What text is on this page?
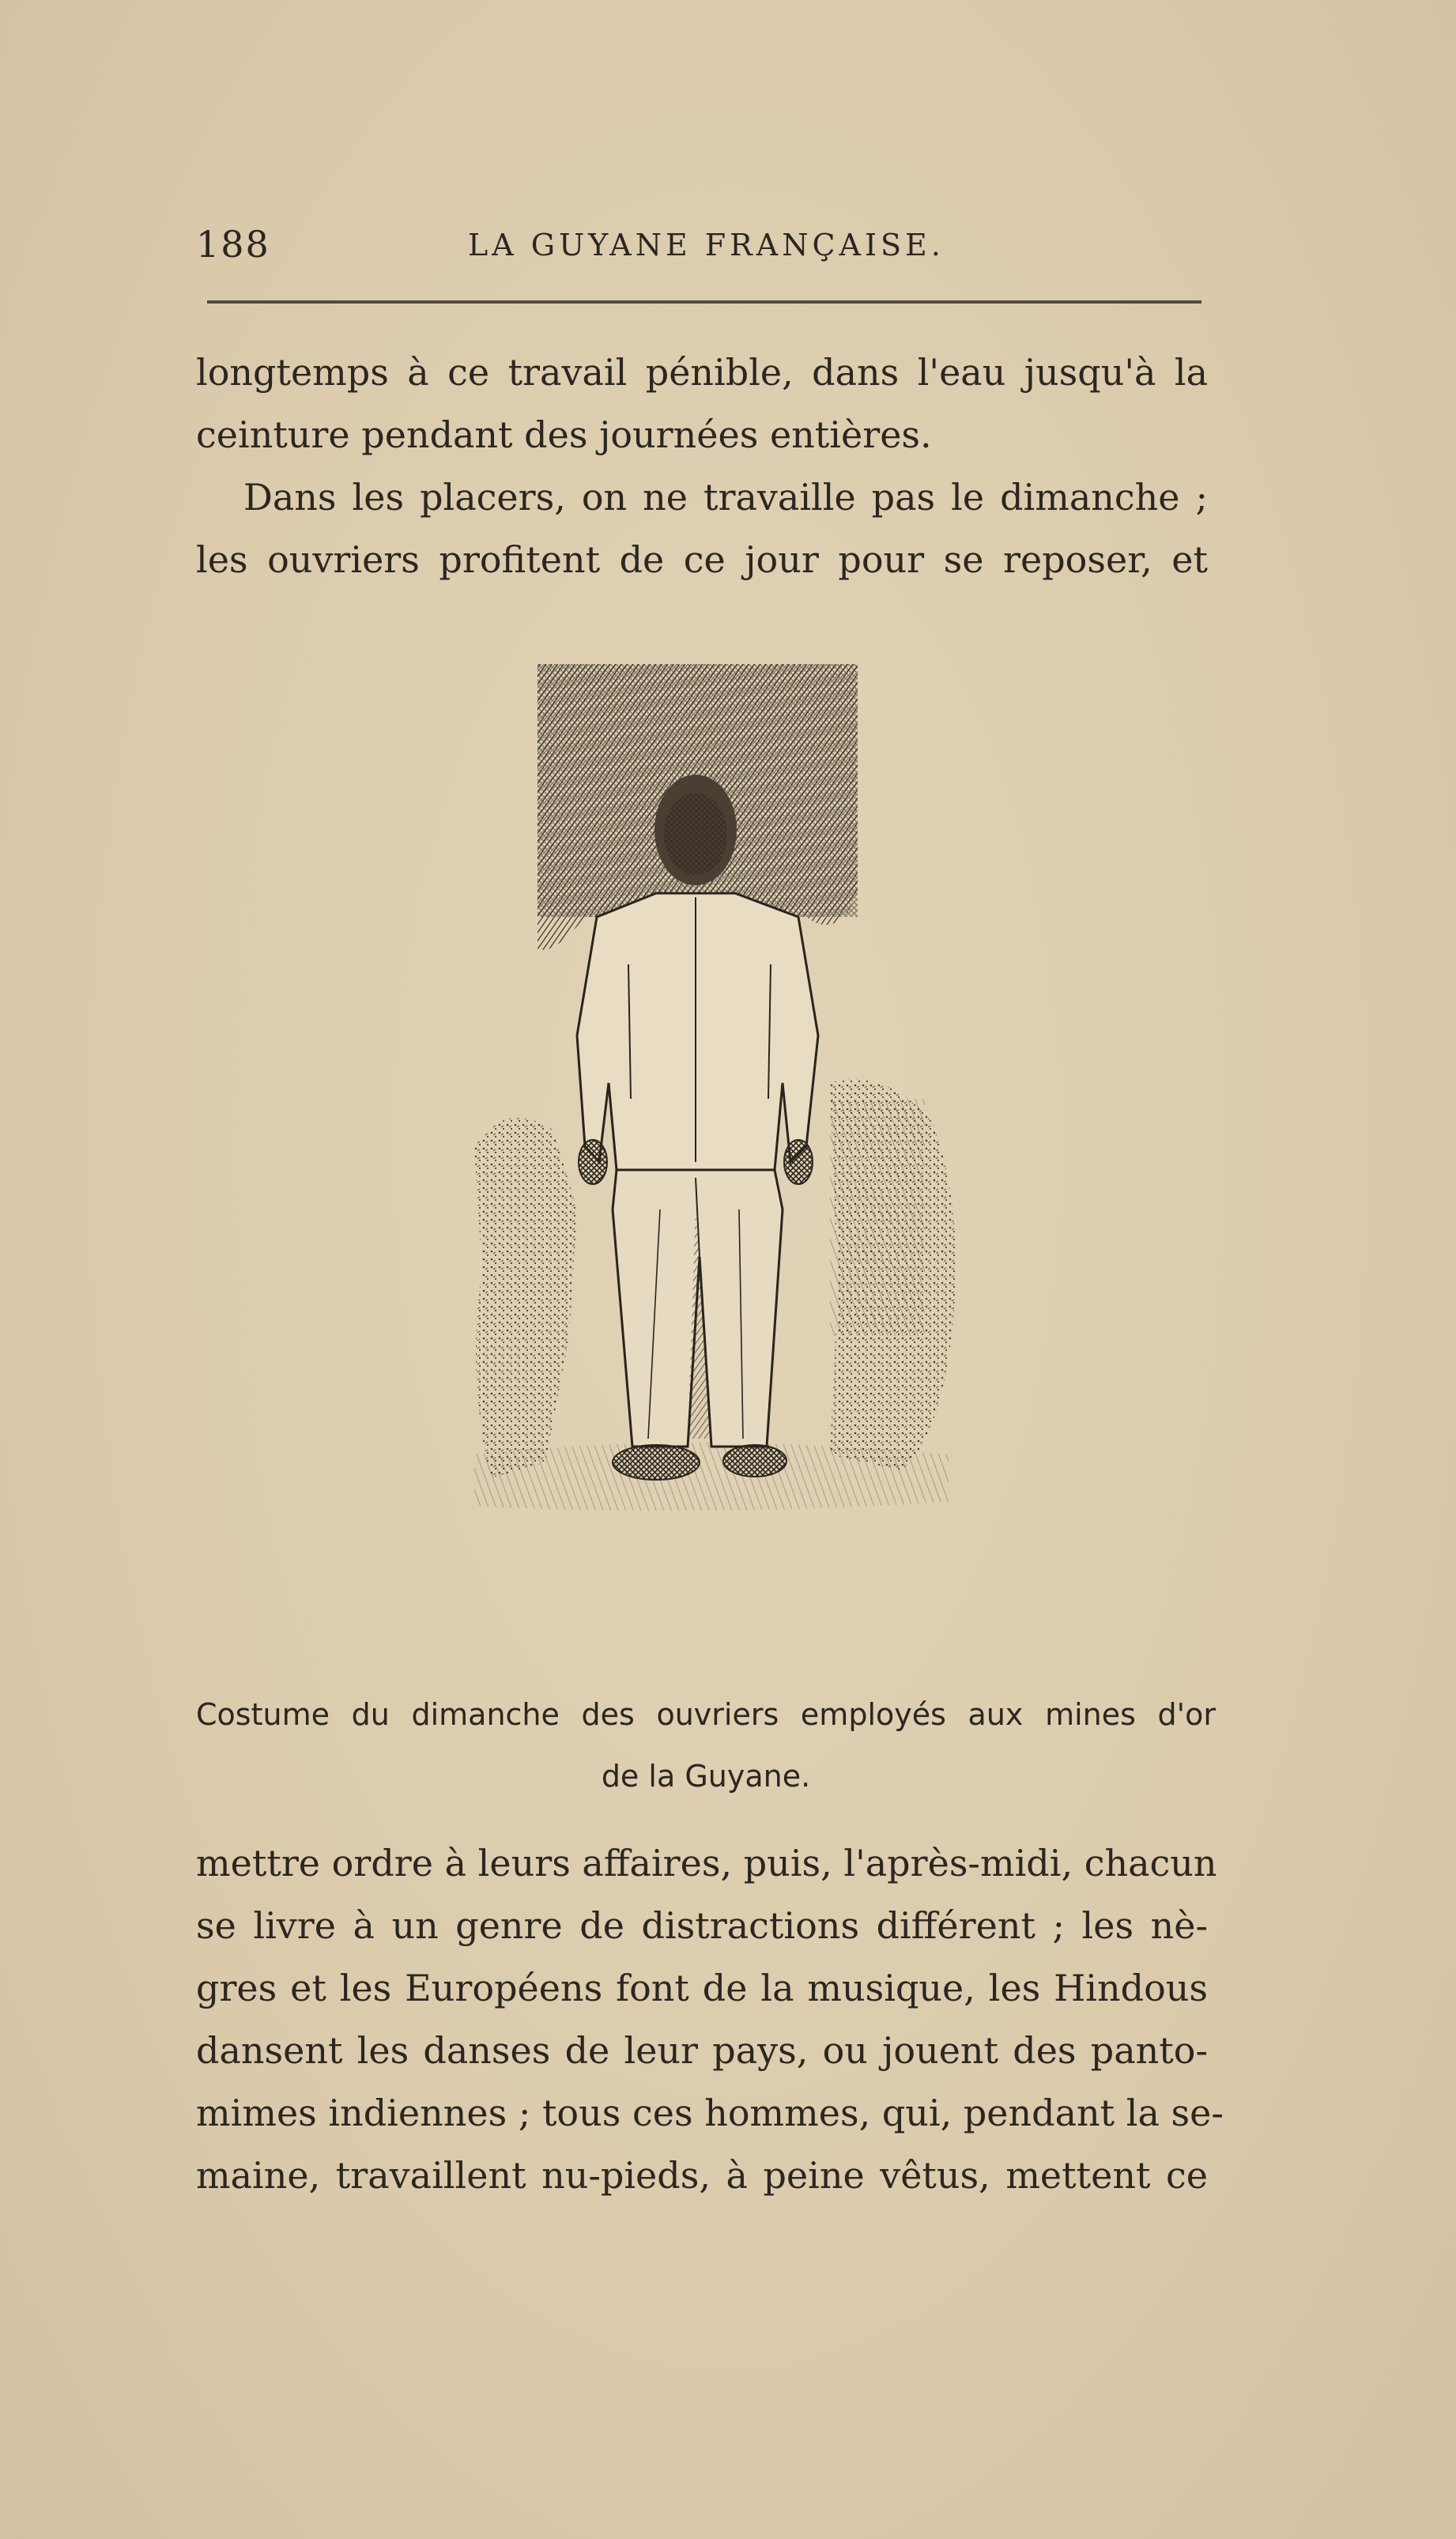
188	LA GUYANE FRANÇAISE.
longtemps à ce travail pénible, dans l'eau jusqu'à la
ceinture pendant des journées entières.
Dans les placers, on ne travaille pas le dimanche ;
les ouvriers profitent de ce jour pour se reposer, et
Costume du dimanche des ouvriers employés aux mines d'or
de la Guyane.
mettre ordre à leurs affaires, puis, l'après-midi, chacun
se livre à un genre de distractions différent ; les nè-
gres et les Européens font de la musique, les Hindous
dansent les danses de leur pays, ou jouent des panto-
mimes indiennes ; tous ces hommes, qui, pendant la se-
maine, travaillent nu-pieds, à peine vêtus, mettent ce
